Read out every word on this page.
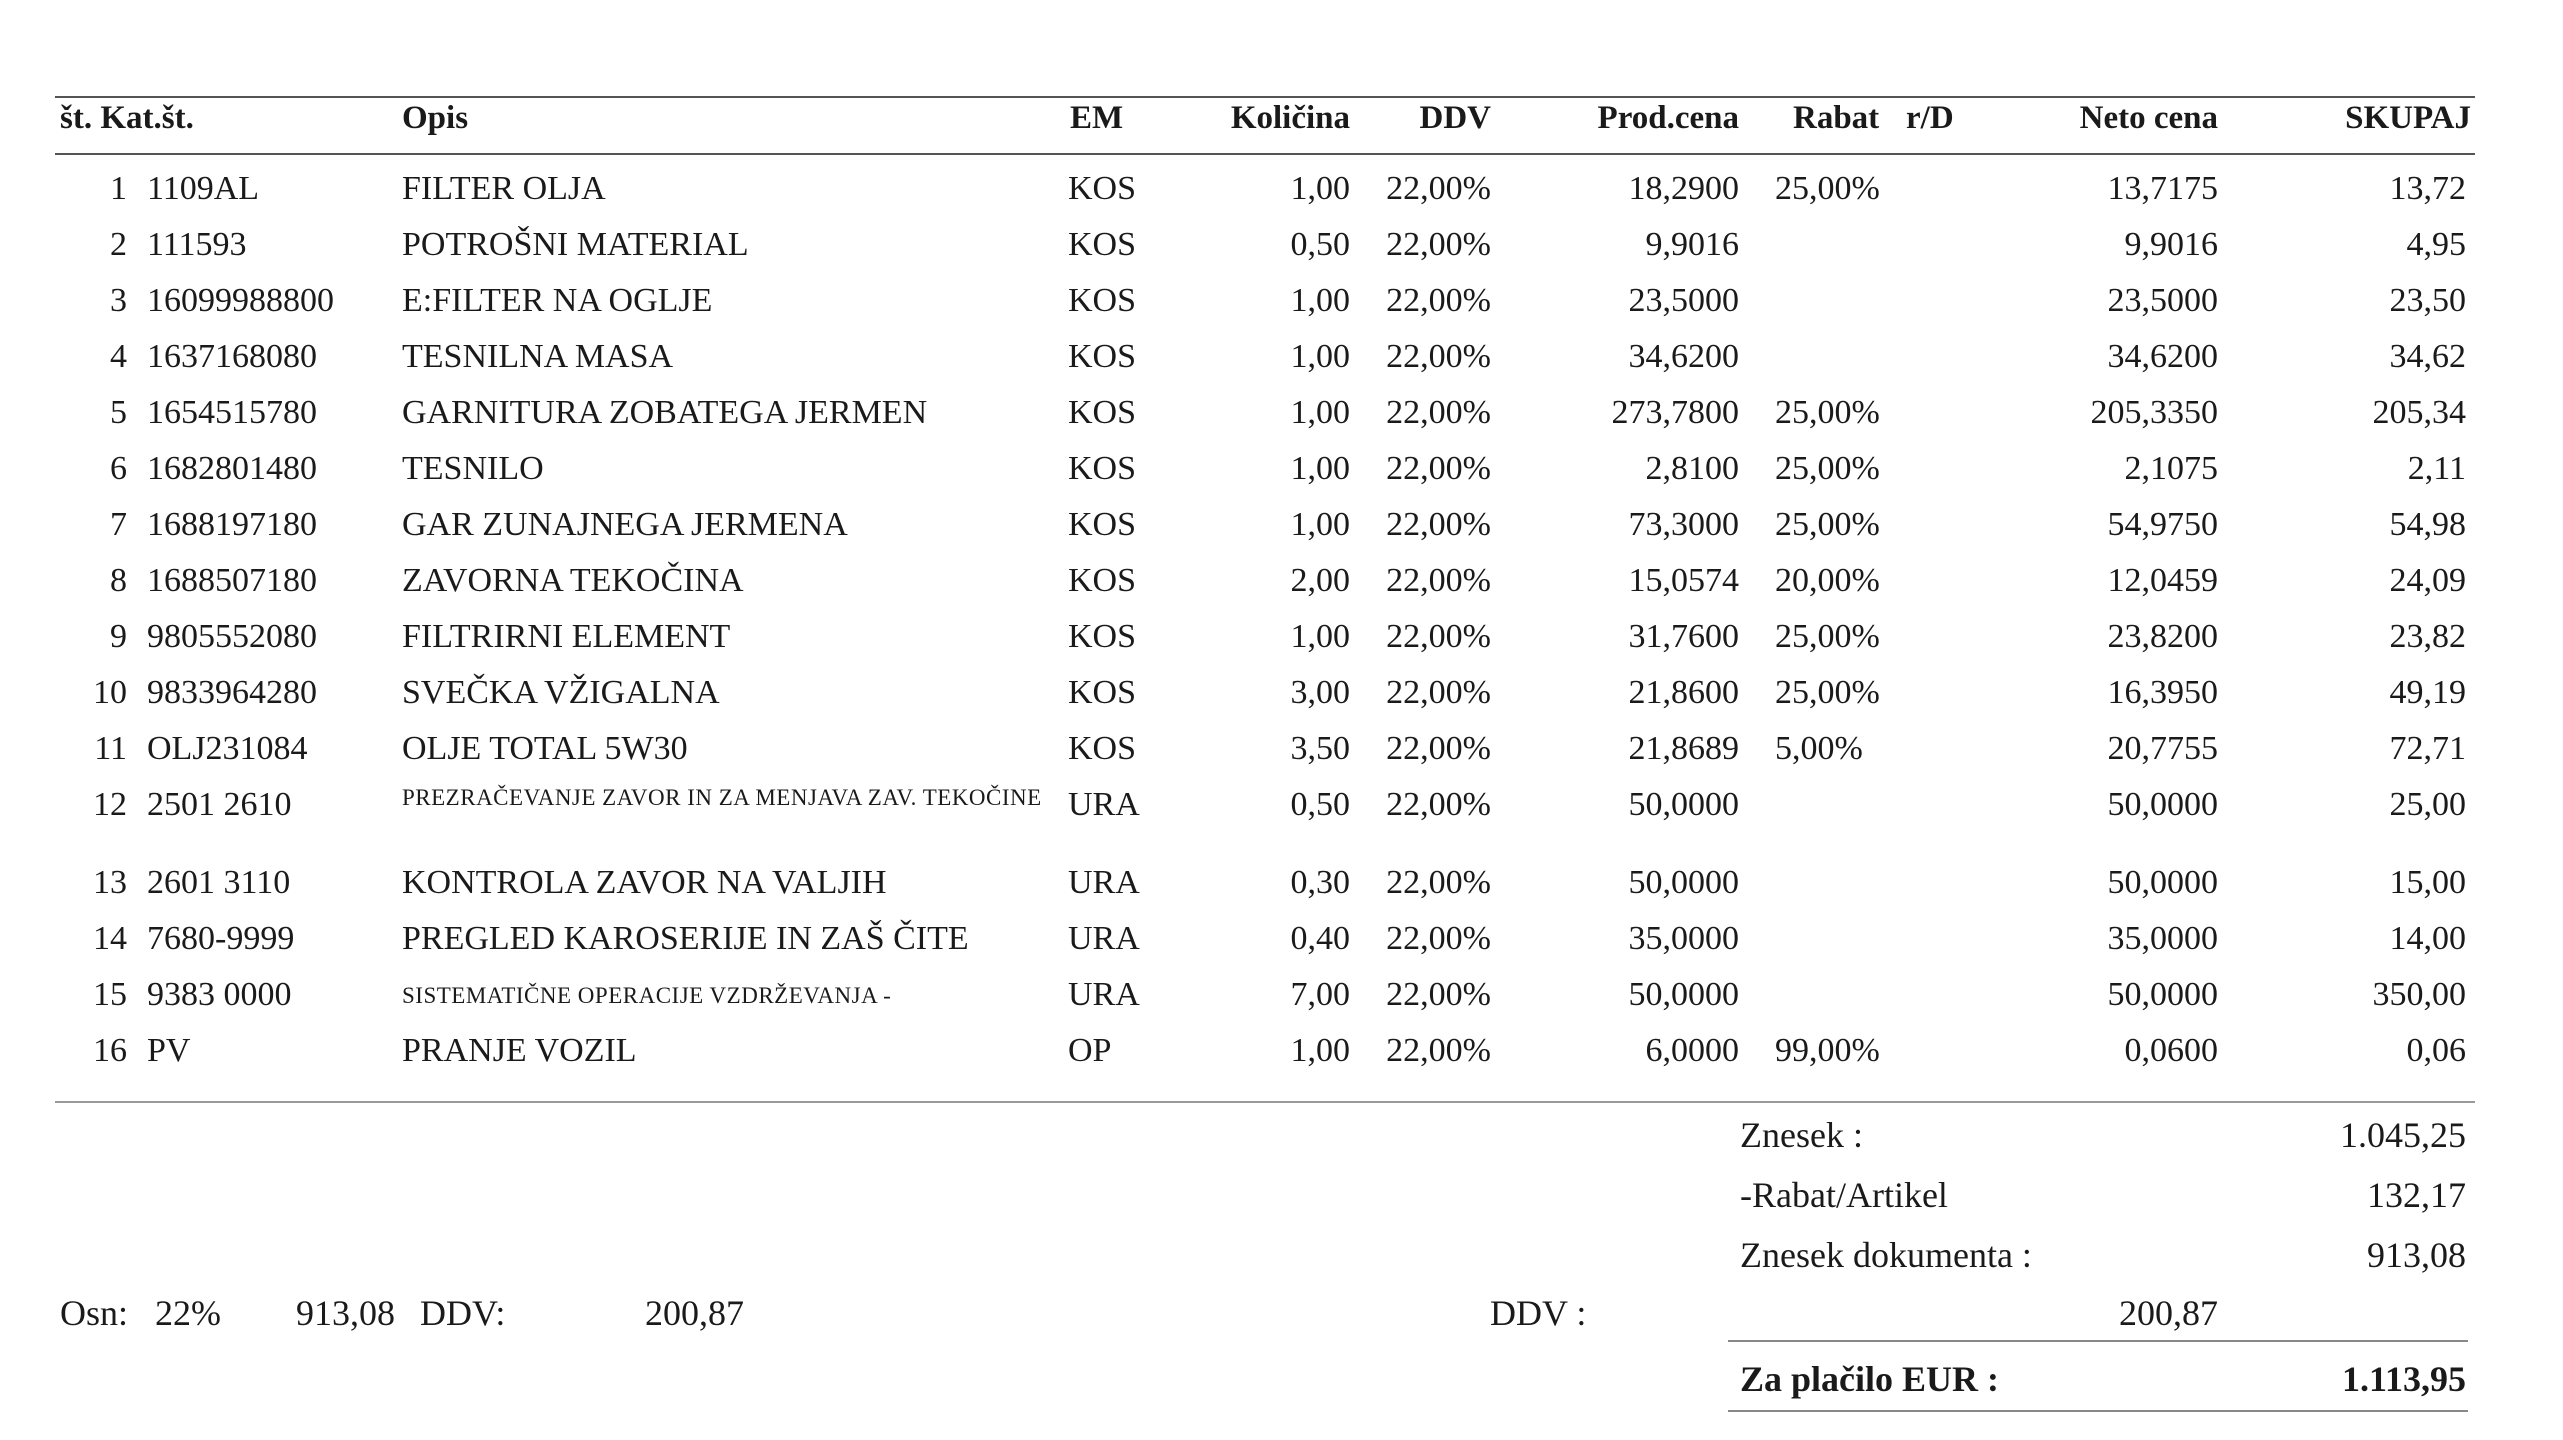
št. Kat.št.	Opis	EM	Količina DDV	Prod.cena Rabat r/D	Neto cena	SKUPAJ
1 1109AL	FILTER OLJA	KOS	1,00 22,00%	18,2900 25,00%	13,7175	13,72
2 111593	POTROŠNI MATERIAL	KOS	0,50 22,00%	9,9016	9,9016	4,95
3 16099988800 E:FILTER NA OGLJE	KOS	1,00 22,00%	23,5000	23,5000	23,50
4 1637168080	TESNILNA MASA	KOS	1,00 22,00%	34,6200	34,6200	34,62
5 1654515780	GARNITURA ZOBATEGA JERMEN	KOS	1,00 22,00%	273,7800 25,00%	205,3350	205,34
6 1682801480	TESNILO	KOS	1,00 22,00%	2,8100 25,00%	2,1075	2,11
7 1688197180	GAR ZUNAJNEGA JERMENA	KOS	1,00 22,00%	73,3000 25,00%	54,9750	54,98
8 1688507180	ZAVORNA TEKOČINA	KOS	2,00 22,00%	15,0574 20,00%	12,0459	24,09
9 9805552080	FILTRIRNI ELEMENT	KOS	1,00 22,00%	31,7600 25,00%	23,8200	23,82
10 9833964280	SVEČKA VŽIGALNA	KOS	3,00 22,00%	21,8600 25,00%	16,3950	49,19
11 OLJ231084	OLJE TOTAL 5W30	KOS	3,50 22,00%	21,8689 5,00%	20,7755	72,71
12 2501 2610	PREZRAČEVANJE ZAVOR IN ZA MENJAVA ZAV. TEKOČINE URA	0,50 22,00%	50,0000	50,0000	25,00
13 2601 3110	KONTROLA ZAVOR NA VALJIH	URA	0,30 22,00%	50,0000	50,0000	15,00
14 7680-9999	PREGLED KAROSERIJE IN ZAŠ ČITE	URA	0,40 22,00%	35,0000	35,0000	14,00
15 9383 0000	SISTEMATIČNE OPERACIJE VZDRŽEVANJA -	URA	7,00 22,00%	50,0000	50,0000	350,00
16 PV	PRANJE VOZIL	OP	1,00 22,00%	6,0000 99,00%	0,0600	0,06
Znesek :	1.045,25
-Rabat/Artikel	132,17
Znesek dokumenta :	913,08
DDV :	200,87
Za plačilo EUR :	1.113,95
Osn: 22% 913,08 DDV:	200,87
